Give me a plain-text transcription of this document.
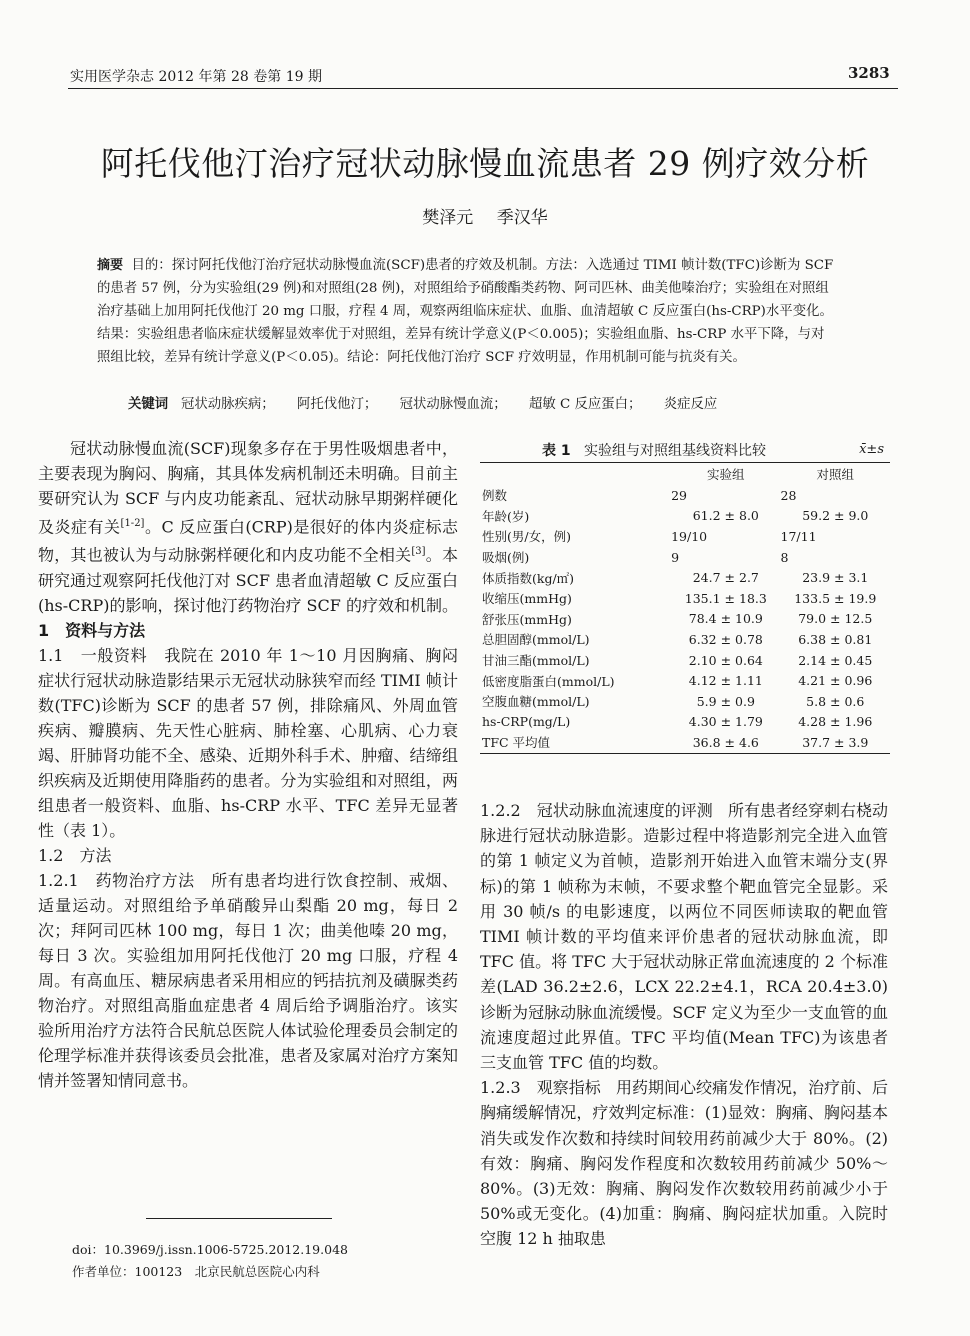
实用医学杂志 2012 年第 28 卷第 19 期	3283
阿托伐他汀治疗冠状动脉慢血流患者 29 例疗效分析
樊泽元 季汉华
摘要 目的：探讨阿托伐他汀治疗冠状动脉慢血流(SCF)患者的疗效及机制。方法：入选通过 TIMI 帧计数(TFC)诊断为 SCF 的患者 57 例，分为实验组(29 例)和对照组(28 例)，对照组给予硝酸酯类药物、阿司匹林、曲美他嗪治疗；实验组在对照组治疗基础上加用阿托伐他汀 20 mg 口服，疗程 4 周，观察两组临床症状、血脂、血清超敏 C 反应蛋白(hs-CRP)水平变化。结果：实验组患者临床症状缓解显效率优于对照组，差异有统计学意义(P＜0.005)；实验组血脂、hs-CRP 水平下降，与对照组比较，差异有统计学意义(P＜0.05)。结论：阿托伐他汀治疗 SCF 疗效明显，作用机制可能与抗炎有关。
关键词 冠状动脉疾病； 阿托伐他汀； 冠状动脉慢血流； 超敏 C 反应蛋白； 炎症反应

冠状动脉慢血流(SCF)现象多存在于男性吸烟患者中，主要表现为胸闷、胸痛，其具体发病机制还未明确。目前主要研究认为 SCF 与内皮功能紊乱、冠状动脉早期粥样硬化及炎症有关[1-2]。C 反应蛋白(CRP)是很好的体内炎症标志物，其也被认为与动脉粥样硬化和内皮功能不全相关[3]。本研究通过观察阿托伐他汀对 SCF 患者血清超敏 C 反应蛋白(hs-CRP)的影响，探讨他汀药物治疗 SCF 的疗效和机制。

1　资料与方法

1.1　一般资料 我院在 2010 年 1～10 月因胸痛、胸闷症状行冠状动脉造影结果示无冠状动脉狭窄而经 TIMI 帧计数(TFC)诊断为 SCF 的患者 57 例，排除痛风、外周血管疾病、瓣膜病、先天性心脏病、肺栓塞、心肌病、心力衰竭、肝肺肾功能不全、感染、近期外科手术、肿瘤、结缔组织疾病及近期使用降脂药的患者。分为实验组和对照组，两组患者一般资料、血脂、hs-CRP 水平、TFC 差异无显著性（表 1）。

1.2　方法

1.2.1　药物治疗方法 所有患者均进行饮食控制、戒烟、适量运动。对照组给予单硝酸异山梨酯 20 mg，每日 2 次；拜阿司匹林 100 mg，每日 1 次；曲美他嗪 20 mg，每日 3 次。实验组加用阿托伐他汀 20 mg 口服，疗程 4 周。有高血压、糖尿病患者采用相应的钙拮抗剂及磺脲类药物治疗。对照组高脂血症患者 4 周后给予调脂治疗。该实验所用治疗方法符合民航总医院人体试验伦理委员会制定的伦理学标准并获得该委员会批准，患者及家属对治疗方案知情并签署知情同意书。

表 1 实验组与对照组基线资料比较	x̄±s
	实验组	对照组
例数	29	28
年龄(岁)	61.2 ± 8.0	59.2 ± 9.0
性别(男/女，例)	19/10	17/11
吸烟(例)	9	8
体质指数(kg/㎡)	24.7 ± 2.7	23.9 ± 3.1
收缩压(mmHg)	135.1 ± 18.3	133.5 ± 19.9
舒张压(mmHg)	78.4 ± 10.9	79.0 ± 12.5
总胆固醇(mmol/L)	6.32 ± 0.78	6.38 ± 0.81
甘油三酯(mmol/L)	2.10 ± 0.64	2.14 ± 0.45
低密度脂蛋白(mmol/L)	4.12 ± 1.11	4.21 ± 0.96
空腹血糖(mmol/L)	5.9 ± 0.9	5.8 ± 0.6
hs-CRP(mg/L)	4.30 ± 1.79	4.28 ± 1.96
TFC 平均值	36.8 ± 4.6	37.7 ± 3.9

1.2.2　冠状动脉血流速度的评测 所有患者经穿刺右桡动脉进行冠状动脉造影。造影过程中将造影剂完全进入血管的第 1 帧定义为首帧，造影剂开始进入血管末端分支(界标)的第 1 帧称为末帧，不要求整个靶血管完全显影。采用 30 帧/s 的电影速度，以两位不同医师读取的靶血管 TIMI 帧计数的平均值来评价患者的冠状动脉血流，即 TFC 值。将 TFC 大于冠状动脉正常血流速度的 2 个标准差(LAD 36.2±2.6，LCX 22.2±4.1，RCA 20.4±3.0)诊断为冠脉动脉血流缓慢。SCF 定义为至少一支血管的血流速度超过此界值。TFC 平均值(Mean TFC)为该患者三支血管 TFC 值的均数。

1.2.3　观察指标 用药期间心绞痛发作情况，治疗前、后胸痛缓解情况，疗效判定标准：(1)显效：胸痛、胸闷基本消失或发作次数和持续时间较用药前减少大于 80%。(2)有效：胸痛、胸闷发作程度和次数较用药前减少 50%～80%。(3)无效：胸痛、胸闷发作次数较用药前减少小于 50%或无变化。(4)加重：胸痛、胸闷症状加重。入院时空腹 12 h 抽取患

doi：10.3969/j.issn.1006-5725.2012.19.048
作者单位：100123　北京民航总医院心内科
